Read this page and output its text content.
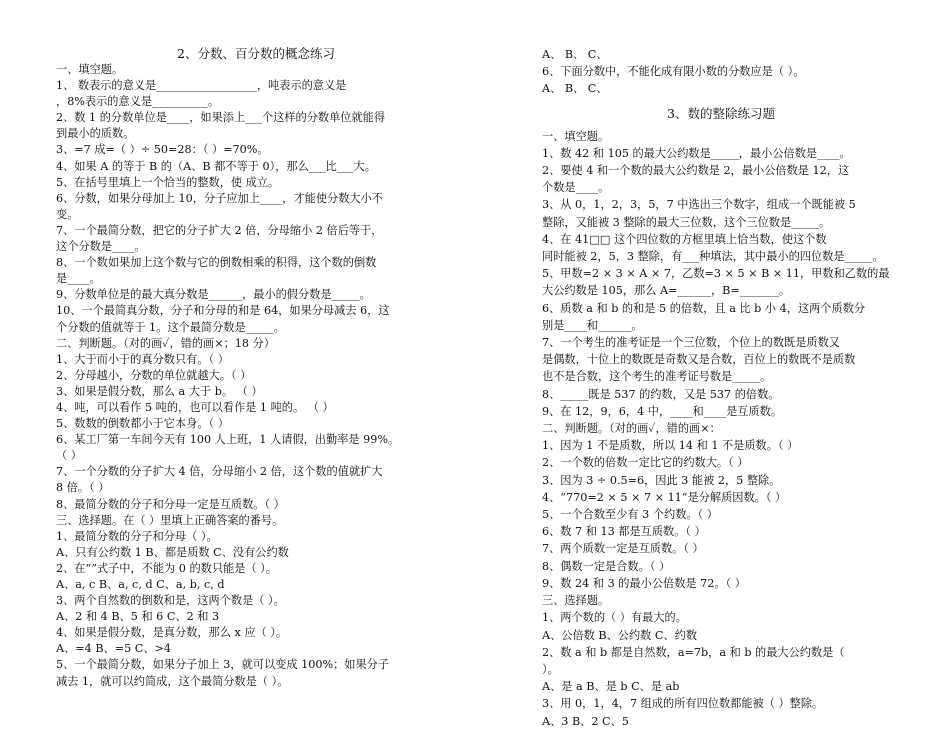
2、分数、百分数的概念练习
一、填空题。
1、 数表示的意义是__________________，吨表示的意义是
，8%表示的意义是__________。
2、数 1 的分数单位是____，如果添上___个这样的分数单位就能得
到最小的质数。
3、=7 成=（ ）÷ 50=28：（ ）=70%。
4、如果 A 的等于 B 的（A、B 都不等于 0），那么___比___大。
5、在括号里填上一个恰当的整数，使 成立。
6、分数，如果分母加上 10，分子应加上____，才能使分数大小不
变。
7、一个最简分数，把它的分子扩大 2 倍，分母缩小 2 倍后等于，
这个分数是____。
8、一个数如果加上这个数与它的倒数相乘的积得，这个数的倒数
是____。
9、分数单位是的最大真分数是______，最小的假分数是_____。
10、一个最简真分数，分子和分母的和是 64，如果分母减去 6，这
个分数的值就等于 1。这个最简分数是_____。
二、判断题。（对的画✓，错的画×；18 分）
1、大于而小于的真分数只有。（ ）
2、分母越小，分数的单位就越大。（ ）
3、如果是假分数，那么 a 大于 b。 （ ）
4、吨，可以看作 5 吨的，也可以看作是 1 吨的。 （ ）
5、数数的倒数都小于它本身。（ ）
6、某工厂第一车间今天有 100 人上班，1 人请假，出勤率是 99%。
（ ）
7、一个分数的分子扩大 4 倍，分母缩小 2 倍，这个数的值就扩大
8 倍。（ ）
8、最简分数的分子和分母一定是互质数。（ ）
三、选择题。在（ ）里填上正确答案的番号。
1、最简分数的分子和分母（ ）。
A、只有公约数 1 B、都是质数 C、没有公约数
2、在“”式子中，不能为 0 的数只能是（ ）。
A、a, c B、a, c, d C、a, b, c, d
3、两个自然数的倒数和是，这两个数是（ ）。
A、2 和 4 B、5 和 6 C、2 和 3
4、如果是假分数，是真分数，那么 x 应（ ）。
A、=4 B、=5 C、>4
5、一个最简分数，如果分子加上 3，就可以变成 100%；如果分子
减去 1，就可以约简成，这个最简分数是（ ）。
A、 B、 C、
6、下面分数中，不能化成有限小数的分数应是（ ）。
A、 B、 C、
3、数的整除练习题
一、填空题。
1、数 42 和 105 的最大公约数是_____，最小公倍数是____。
2、要使 4 和一个数的最大公约数是 2，最小公倍数是 12，这
个数是____。
3、从 0，1，2，3，5，7 中选出三个数字，组成一个既能被 5
整除，又能被 3 整除的最大三位数，这个三位数是_____。
4、在 41□□ 这个四位数的方框里填上恰当数，使这个数
同时能被 2，5，3 整除，有___种填法，其中最小的四位数是_____。
5、甲数=2 × 3 × A × 7，乙数=3 × 5 × B × 11，甲数和乙数的最
大公约数是 105，那么 A=______，B=_______。
6、质数 a 和 b 的和是 5 的倍数，且 a 比 b 小 4，这两个质数分
别是____和______。
7、一个考生的准考证是一个三位数，个位上的数既是质数又
是偶数，十位上的数既是奇数又是合数，百位上的数既不是质数
也不是合数，这个考生的准考证号数是_____。
8、_____既是 537 的约数，又是 537 的倍数。
9、在 12，9，6，4 中，____和____是互质数。
二、判断题。（对的画✓，错的画×：
1、因为 1 不是质数，所以 14 和 1 不是质数。（ ）
2、一个数的倍数一定比它的约数大。（ ）
3、因为 3 ÷ 0.5=6，因此 3 能被 2，5 整除。
4、“770=2 × 5 × 7 × 11”是分解质因数。（ ）
5、一个合数至少有 3 个约数。（ ）
6、数 7 和 13 都是互质数。（ ）
7、两个质数一定是互质数。（ ）
8、偶数一定是合数。（ ）
9、数 24 和 3 的最小公倍数是 72。（ ）
三、选择题。
1、两个数的（ ）有最大的。
A、公倍数 B、公约数 C、约数
2、数 a 和 b 都是自然数，a=7b，a 和 b 的最大公约数是（
）。
A、是 a B、是 b C、是 ab
3、用 0，1，4，7 组成的所有四位数都能被（ ）整除。
A、3 B、2 C、5
